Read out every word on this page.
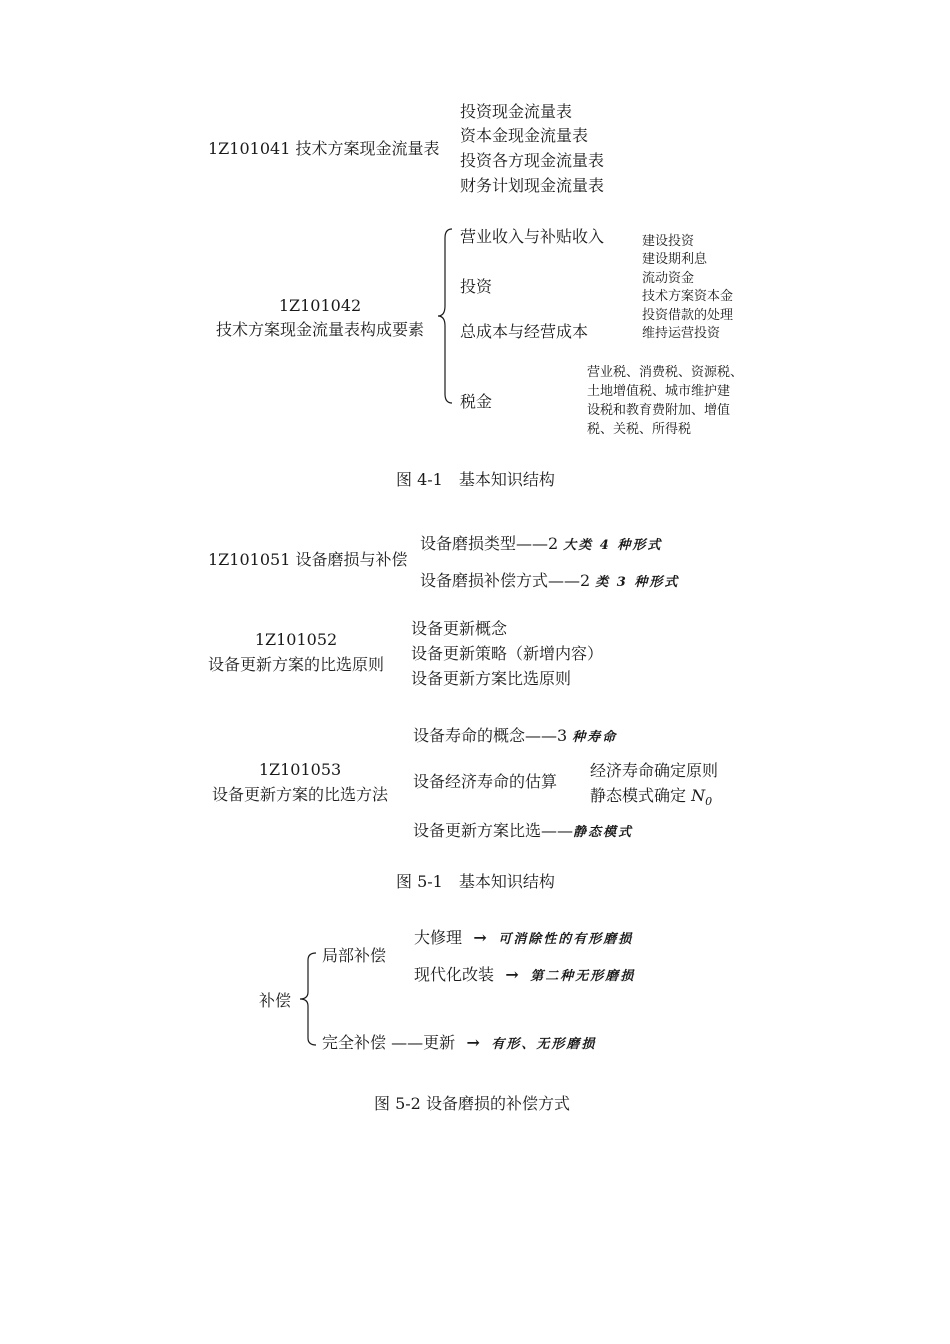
1Z101041 技术方案现金流量表
投资现金流量表
资本金现金流量表
投资各方现金流量表
财务计划现金流量表
1Z101042
技术方案现金流量表构成要素
营业收入与补贴收入
投资
总成本与经营成本
税金
建设投资
建设期利息
流动资金
技术方案资本金
投资借款的处理
维持运营投资
营业税、消费税、资源税、
土地增值税、城市维护建
设税和教育费附加、增值
税、关税、所得税
图 4-1　基本知识结构
1Z101051 设备磨损与补偿
设备磨损类型——2 大类 4 种形式
设备磨损补偿方式——2 类 3 种形式
1Z101052
设备更新方案的比选原则
设备更新概念
设备更新策略（新增内容）
设备更新方案比选原则
1Z101053
设备更新方案的比选方法
设备寿命的概念——3 种寿命
设备经济寿命的估算
经济寿命确定原则
静态模式确定 $N_0$
设备更新方案比选——静态模式
图 5-1　基本知识结构
补偿
局部补偿
大修理 → 可消除性的有形磨损
现代化改装 → 第二种无形磨损
完全补偿 ——更新 → 有形、无形磨损
图 5-2 设备磨损的补偿方式
